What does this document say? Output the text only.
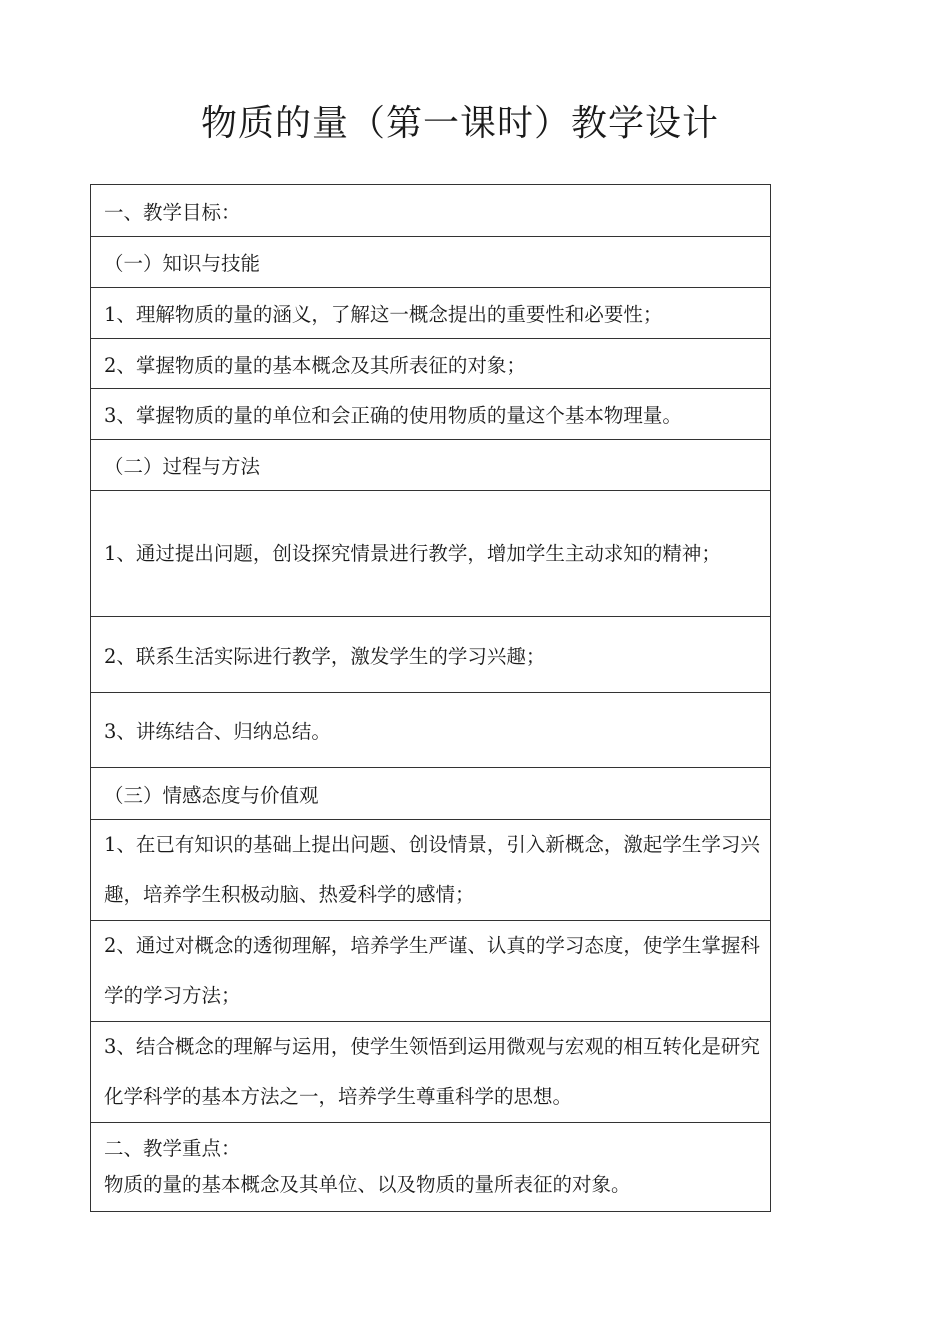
物质的量（第一课时）教学设计
一、教学目标：
（一）知识与技能
1、理解物质的量的涵义，了解这一概念提出的重要性和必要性；
2、掌握物质的量的基本概念及其所表征的对象；
3、掌握物质的量的单位和会正确的使用物质的量这个基本物理量。
（二）过程与方法
1、通过提出问题，创设探究情景进行教学，增加学生主动求知的精神；
2、联系生活实际进行教学，激发学生的学习兴趣；
3、讲练结合、归纳总结。
（三）情感态度与价值观
1、在已有知识的基础上提出问题、创设情景，引入新概念，激起学生学习兴趣，培养学生积极动脑、热爱科学的感情；
2、通过对概念的透彻理解，培养学生严谨、认真的学习态度，使学生掌握科学的学习方法；
3、结合概念的理解与运用，使学生领悟到运用微观与宏观的相互转化是研究化学科学的基本方法之一，培养学生尊重科学的思想。

二、教学重点：
物质的量的基本概念及其单位、以及物质的量所表征的对象。
